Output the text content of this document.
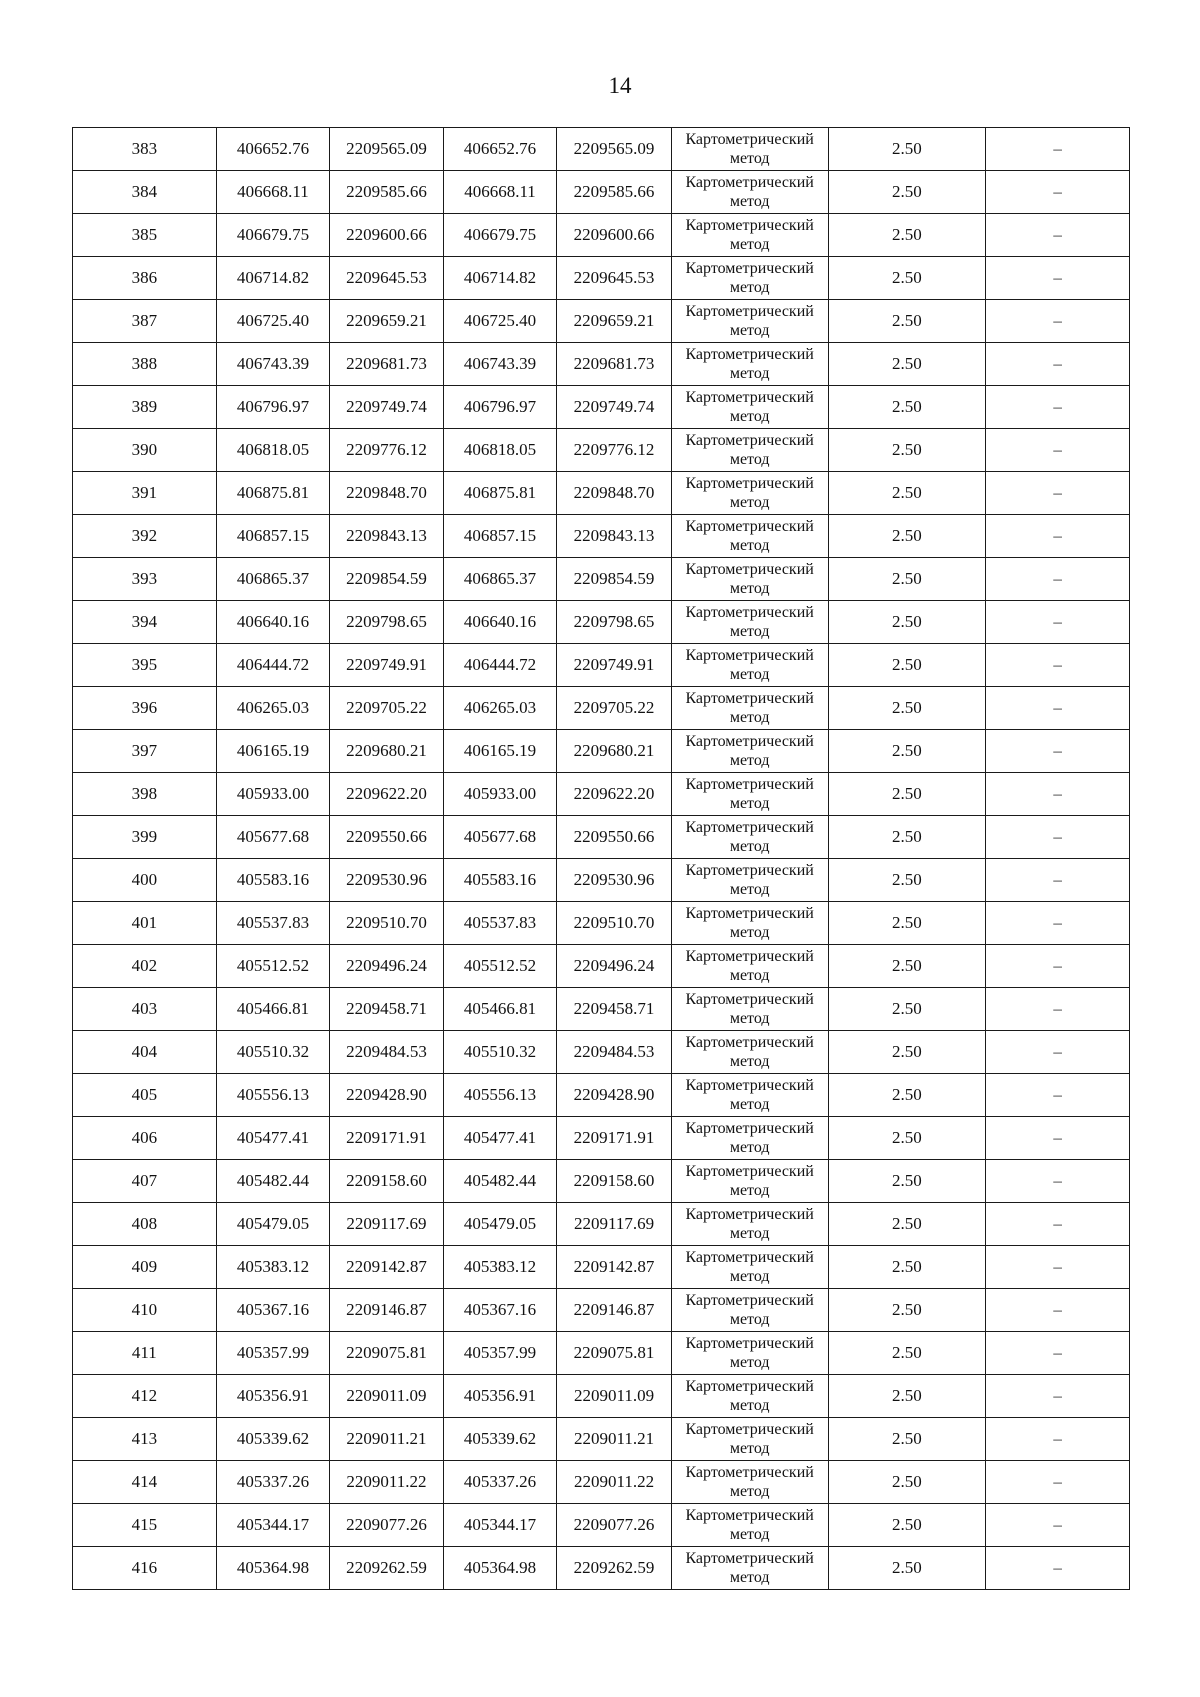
14
383	406652.76	2209565.09	406652.76	2209565.09	Картометрический метод	2.50	–
384	406668.11	2209585.66	406668.11	2209585.66	Картометрический метод	2.50	–
385	406679.75	2209600.66	406679.75	2209600.66	Картометрический метод	2.50	–
386	406714.82	2209645.53	406714.82	2209645.53	Картометрический метод	2.50	–
387	406725.40	2209659.21	406725.40	2209659.21	Картометрический метод	2.50	–
388	406743.39	2209681.73	406743.39	2209681.73	Картометрический метод	2.50	–
389	406796.97	2209749.74	406796.97	2209749.74	Картометрический метод	2.50	–
390	406818.05	2209776.12	406818.05	2209776.12	Картометрический метод	2.50	–
391	406875.81	2209848.70	406875.81	2209848.70	Картометрический метод	2.50	–
392	406857.15	2209843.13	406857.15	2209843.13	Картометрический метод	2.50	–
393	406865.37	2209854.59	406865.37	2209854.59	Картометрический метод	2.50	–
394	406640.16	2209798.65	406640.16	2209798.65	Картометрический метод	2.50	–
395	406444.72	2209749.91	406444.72	2209749.91	Картометрический метод	2.50	–
396	406265.03	2209705.22	406265.03	2209705.22	Картометрический метод	2.50	–
397	406165.19	2209680.21	406165.19	2209680.21	Картометрический метод	2.50	–
398	405933.00	2209622.20	405933.00	2209622.20	Картометрический метод	2.50	–
399	405677.68	2209550.66	405677.68	2209550.66	Картометрический метод	2.50	–
400	405583.16	2209530.96	405583.16	2209530.96	Картометрический метод	2.50	–
401	405537.83	2209510.70	405537.83	2209510.70	Картометрический метод	2.50	–
402	405512.52	2209496.24	405512.52	2209496.24	Картометрический метод	2.50	–
403	405466.81	2209458.71	405466.81	2209458.71	Картометрический метод	2.50	–
404	405510.32	2209484.53	405510.32	2209484.53	Картометрический метод	2.50	–
405	405556.13	2209428.90	405556.13	2209428.90	Картометрический метод	2.50	–
406	405477.41	2209171.91	405477.41	2209171.91	Картометрический метод	2.50	–
407	405482.44	2209158.60	405482.44	2209158.60	Картометрический метод	2.50	–
408	405479.05	2209117.69	405479.05	2209117.69	Картометрический метод	2.50	–
409	405383.12	2209142.87	405383.12	2209142.87	Картометрический метод	2.50	–
410	405367.16	2209146.87	405367.16	2209146.87	Картометрический метод	2.50	–
411	405357.99	2209075.81	405357.99	2209075.81	Картометрический метод	2.50	–
412	405356.91	2209011.09	405356.91	2209011.09	Картометрический метод	2.50	–
413	405339.62	2209011.21	405339.62	2209011.21	Картометрический метод	2.50	–
414	405337.26	2209011.22	405337.26	2209011.22	Картометрический метод	2.50	–
415	405344.17	2209077.26	405344.17	2209077.26	Картометрический метод	2.50	–
416	405364.98	2209262.59	405364.98	2209262.59	Картометрический метод	2.50	–
